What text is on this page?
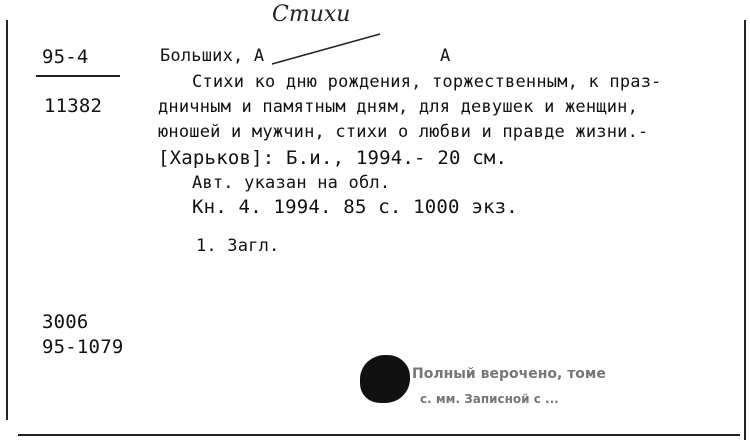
Стихи
95-4
11382
Больших, А	А
Стихи ко дню рождения, торжественным, к праз-
дничным и памятным дням, для девушек и женщин,
юношей и мужчин, стихи о любви и правде жизни.-
[Харьков]: Б.и., 1994.- 20 см.
Авт. указан на обл.
Кн. 4. 1994. 85 с. 1000 экз.
1. Загл.
3006
95-1079
Полный верочено, томе
с. мм. Записной с ...
